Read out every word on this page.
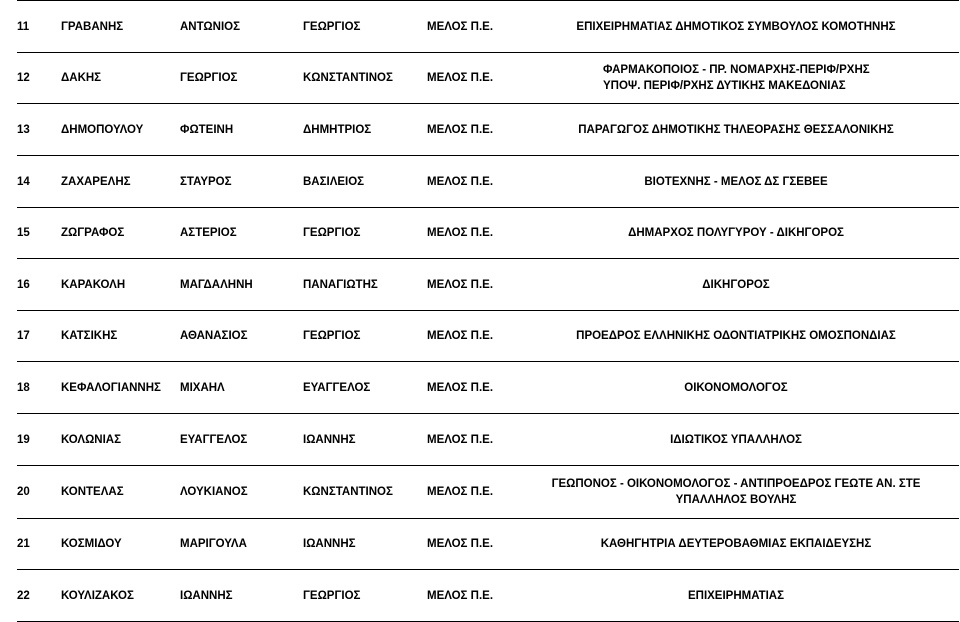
11	ΓΡΑΒΑΝΗΣ	ΑΝΤΩΝΙΟΣ	ΓΕΩΡΓΙΟΣ	ΜΕΛΟΣ Π.Ε.	ΕΠΙΧΕΙΡΗΜΑΤΙΑΣ ΔΗΜΟΤΙΚΟΣ ΣΥΜΒΟΥΛΟΣ ΚΟΜΟΤΗΝΗΣ

12	ΔΑΚΗΣ	ΓΕΩΡΓΙΟΣ	ΚΩΝΣΤΑΝΤΙΝΟΣ	ΜΕΛΟΣ Π.Ε.	ΦΑΡΜΑΚΟΠΟΙΟΣ - ΠΡ. ΝΟΜΑΡΧΗΣ-ΠΕΡΙΦ/ΡΧΗΣ
ΥΠΟΨ. ΠΕΡΙΦ/ΡΧΗΣ ΔΥΤΙΚΗΣ ΜΑΚΕΔΟΝΙΑΣ

13	ΔΗΜΟΠΟΥΛΟΥ	ΦΩΤΕΙΝΗ	ΔΗΜΗΤΡΙΟΣ	ΜΕΛΟΣ Π.Ε.	ΠΑΡΑΓΩΓΟΣ ΔΗΜΟΤΙΚΗΣ ΤΗΛΕΟΡΑΣΗΣ ΘΕΣΣΑΛΟΝΙΚΗΣ

14	ΖΑΧΑΡΕΛΗΣ	ΣΤΑΥΡΟΣ	ΒΑΣΙΛΕΙΟΣ	ΜΕΛΟΣ Π.Ε.	ΒΙΟΤΕΧΝΗΣ - ΜΕΛΟΣ ΔΣ ΓΣΕΒΕΕ

15	ΖΩΓΡΑΦΟΣ	ΑΣΤΕΡΙΟΣ	ΓΕΩΡΓΙΟΣ	ΜΕΛΟΣ Π.Ε.	ΔΗΜΑΡΧΟΣ ΠΟΛΥΓΥΡΟΥ - ΔΙΚΗΓΟΡΟΣ

16	ΚΑΡΑΚΟΛΗ	ΜΑΓΔΑΛΗΝΗ	ΠΑΝΑΓΙΩΤΗΣ	ΜΕΛΟΣ Π.Ε.	ΔΙΚΗΓΟΡΟΣ

17	ΚΑΤΣΙΚΗΣ	ΑΘΑΝΑΣΙΟΣ	ΓΕΩΡΓΙΟΣ	ΜΕΛΟΣ Π.Ε.	ΠΡΟΕΔΡΟΣ ΕΛΛΗΝΙΚΗΣ ΟΔΟΝΤΙΑΤΡΙΚΗΣ ΟΜΟΣΠΟΝΔΙΑΣ

18	ΚΕΦΑΛΟΓΙΑΝΝΗΣ	ΜΙΧΑΗΛ	ΕΥΑΓΓΕΛΟΣ	ΜΕΛΟΣ Π.Ε.	ΟΙΚΟΝΟΜΟΛΟΓΟΣ

19	ΚΟΛΩΝΙΑΣ	ΕΥΑΓΓΕΛΟΣ	ΙΩΑΝΝΗΣ	ΜΕΛΟΣ Π.Ε.	ΙΔΙΩΤΙΚΟΣ ΥΠΑΛΛΗΛΟΣ

20	ΚΟΝΤΕΛΑΣ	ΛΟΥΚΙΑΝΟΣ	ΚΩΝΣΤΑΝΤΙΝΟΣ	ΜΕΛΟΣ Π.Ε.	ΓΕΩΠΟΝΟΣ - ΟΙΚΟΝΟΜΟΛΟΓΟΣ - ΑΝΤΙΠΡΟΕΔΡΟΣ ΓΕΩΤΕ ΑΝ. ΣΤΕ
ΥΠΑΛΛΗΛΟΣ ΒΟΥΛΗΣ

21	ΚΟΣΜΙΔΟΥ	ΜΑΡΙΓΟΥΛΑ	ΙΩΑΝΝΗΣ	ΜΕΛΟΣ Π.Ε.	ΚΑΘΗΓΗΤΡΙΑ ΔΕΥΤΕΡΟΒΑΘΜΙΑΣ ΕΚΠΑΙΔΕΥΣΗΣ

22	ΚΟΥΛΙΖΑΚΟΣ	ΙΩΑΝΝΗΣ	ΓΕΩΡΓΙΟΣ	ΜΕΛΟΣ Π.Ε.	ΕΠΙΧΕΙΡΗΜΑΤΙΑΣ
